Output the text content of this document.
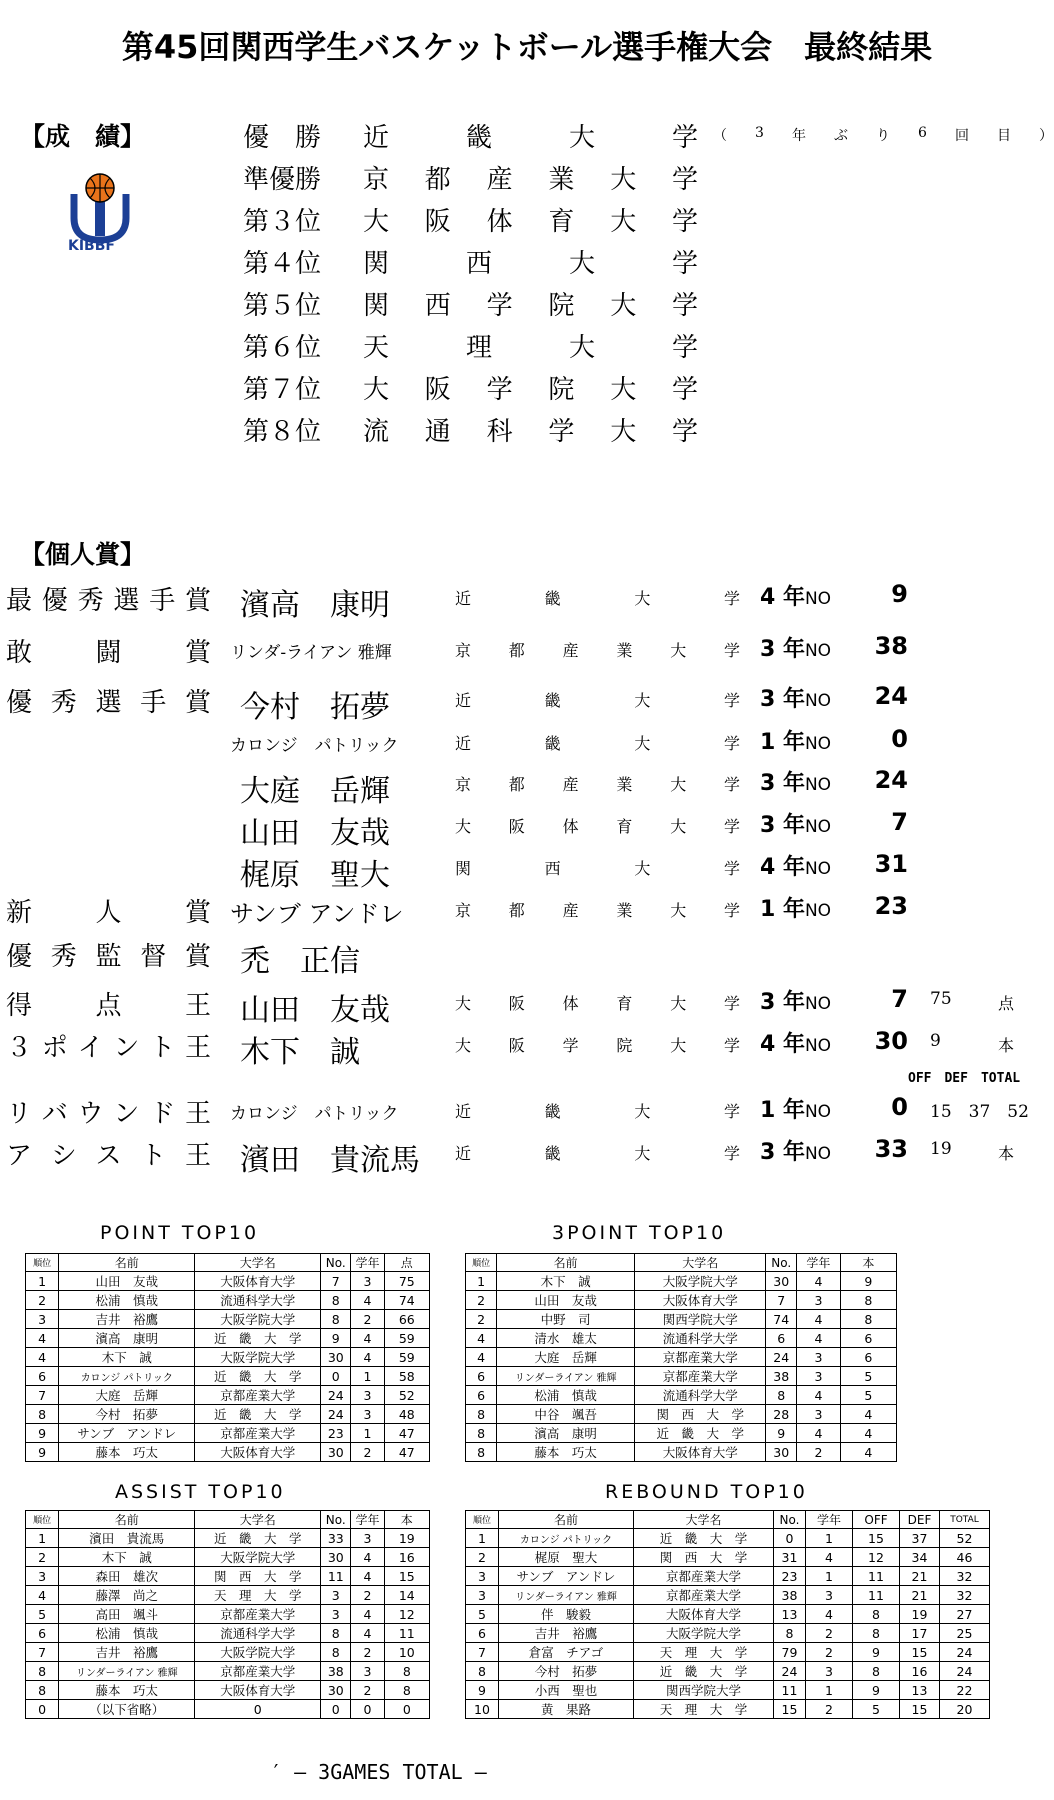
第45回関西学生バスケットボール選手権大会　最終結果
【成　績】
KIBBF
優　勝 近	畿	大	学 （ 3 年 ぶ り 6 回 目 ）
準優勝 京 都 産 業 大 学
第３位 大 阪 体 育 大 学
第４位 関	西	大	学
第５位 関 西 学 院 大 学
第６位 天	理	大	学
第７位 大 阪 学 院 大 学
第８位 流 通 科 学 大 学
【個人賞】
最 優 秀 選 手 賞 濱高　康明	近	畿	大	学 4 年NO	9
敢 闘 賞 リンダ-ライアン 雅輝	京 都 産 業 大 学 3 年NO	38
優 秀 選 手 賞 今村　拓夢	近	畿	大	学 3 年NO	24
カロンジ　パトリック	近	畿	大	学 1 年NO	0
大庭　岳輝	京 都 産 業 大 学 3 年NO	24
山田　友哉	大 阪 体 育 大 学 3 年NO	7
梶原　聖大	関	西	大	学 4 年NO	31
新 人 賞 サンブ アンドレ	京 都 産 業 大 学 1 年NO	23
優 秀 監 督 賞 禿　正信
得 点 王 山田　友哉	大 阪 体 育 大 学 3 年NO	7 75	点
３ ポ イ ン ト 王 木下　誠	大 阪 学 院 大 学 4 年NO	30 9	本
リ バ ウ ン ド 王 カロンジ　パトリック	近	畿	大	学 1 年NO	0 15　37　52
ア シ ス ト 王 濱田　貴流馬 近	畿	大	学 3 年NO	33 19	本
OFF　DEF　TOTAL
POINT TOP10
順位	名前	大学名	No.	学年	点
1	山田　友哉	大阪体育大学	7	3	75
2	松浦　慎哉	流通科学大学	8	4	74
3	吉井　裕鷹	大阪学院大学	8	2	66
4	濱高　康明	近　畿　大　学	9	4	59
4	木下　誠	大阪学院大学	30	4	59
6	カロンジ パトリック	近　畿　大　学	0	1	58
7	大庭　岳輝	京都産業大学	24	3	52
8	今村　拓夢	近　畿　大　学	24	3	48
9	サンブ　アンドレ	京都産業大学	23	1	47
9	藤本　巧太	大阪体育大学	30	2	47
3POINT TOP10
順位	名前	大学名	No.	学年	本
1	木下　誠	大阪学院大学	30	4	9
2	山田　友哉	大阪体育大学	7	3	8
2	中野　司	関西学院大学	74	4	8
4	清水　雄太	流通科学大学	6	4	6
4	大庭　岳輝	京都産業大学	24	3	6
6	リンダーライアン 雅輝	京都産業大学	38	3	5
6	松浦　慎哉	流通科学大学	8	4	5
8	中谷　颯吾	関　西　大　学	28	3	4
8	濱高　康明	近　畿　大　学	9	4	4
8	藤本　巧太	大阪体育大学	30	2	4
ASSIST TOP10
順位	名前	大学名	No.	学年	本
1	濱田　貴流馬	近　畿　大　学	33	3	19
2	木下　誠	大阪学院大学	30	4	16
3	森田　雄次	関　西　大　学	11	4	15
4	藤澤　尚之	天　理　大　学	3	2	14
5	高田　颯斗	京都産業大学	3	4	12
6	松浦　慎哉	流通科学大学	8	4	11
7	吉井　裕鷹	大阪学院大学	8	2	10
8	リンダーライアン 雅輝	京都産業大学	38	3	8
8	藤本　巧太	大阪体育大学	30	2	8
0	（以下省略）	0	0	0	0
REBOUND TOP10
順位	名前	大学名	No.	学年	OFF	DEF	TOTAL
1	カロンジ パトリック	近　畿　大　学	0	1	15	37	52
2	梶原　聖大	関　西　大　学	31	4	12	34	46
3	サンブ　アンドレ	京都産業大学	23	1	11	21	32
3	リンダーライアン 雅輝	京都産業大学	38	3	11	21	32
5	伴　駿毅	大阪体育大学	13	4	8	19	27
6	吉井　裕鷹	大阪学院大学	8	2	8	17	25
7	倉富　チアゴ	天　理　大　学	79	2	9	15	24
8	今村　拓夢	近　畿　大　学	24	3	8	16	24
9	小西　聖也	関西学院大学	11	1	9	13	22
10	黄　果路	天　理　大　学	15	2	5	15	20
′ ― 3GAMES TOTAL ―
